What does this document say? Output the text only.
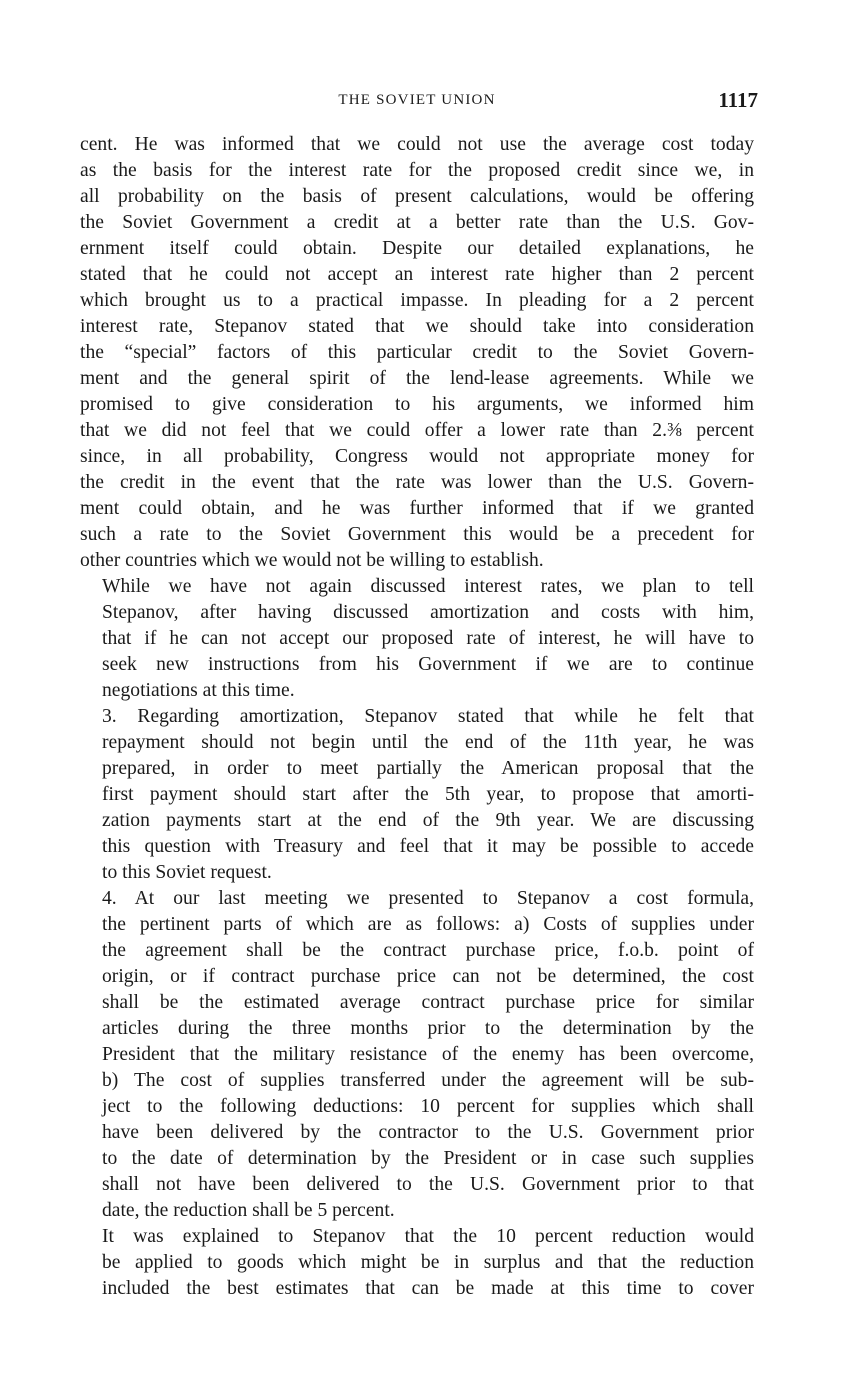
THE SOVIET UNION	1117
cent. He was informed that we could not use the average cost today
as the basis for the interest rate for the proposed credit since we, in
all probability on the basis of present calculations, would be offering
the Soviet Government a credit at a better rate than the U.S. Gov-
ernment itself could obtain. Despite our detailed explanations, he
stated that he could not accept an interest rate higher than 2 percent
which brought us to a practical impasse. In pleading for a 2 percent
interest rate, Stepanov stated that we should take into consideration
the “special” factors of this particular credit to the Soviet Govern-
ment and the general spirit of the lend-lease agreements. While we
promised to give consideration to his arguments, we informed him
that we did not feel that we could offer a lower rate than 2.⅜ percent
since, in all probability, Congress would not appropriate money for
the credit in the event that the rate was lower than the U.S. Govern-
ment could obtain, and he was further informed that if we granted
such a rate to the Soviet Government this would be a precedent for
other countries which we would not be willing to establish.
While we have not again discussed interest rates, we plan to tell
Stepanov, after having discussed amortization and costs with him,
that if he can not accept our proposed rate of interest, he will have to
seek new instructions from his Government if we are to continue
negotiations at this time.
3. Regarding amortization, Stepanov stated that while he felt that
repayment should not begin until the end of the 11th year, he was
prepared, in order to meet partially the American proposal that the
first payment should start after the 5th year, to propose that amorti-
zation payments start at the end of the 9th year. We are discussing
this question with Treasury and feel that it may be possible to accede
to this Soviet request.
4. At our last meeting we presented to Stepanov a cost formula,
the pertinent parts of which are as follows: a) Costs of supplies under
the agreement shall be the contract purchase price, f.o.b. point of
origin, or if contract purchase price can not be determined, the cost
shall be the estimated average contract purchase price for similar
articles during the three months prior to the determination by the
President that the military resistance of the enemy has been overcome,
b) The cost of supplies transferred under the agreement will be sub-
ject to the following deductions: 10 percent for supplies which shall
have been delivered by the contractor to the U.S. Government prior
to the date of determination by the President or in case such supplies
shall not have been delivered to the U.S. Government prior to that
date, the reduction shall be 5 percent.
It was explained to Stepanov that the 10 percent reduction would
be applied to goods which might be in surplus and that the reduction
included the best estimates that can be made at this time to cover
